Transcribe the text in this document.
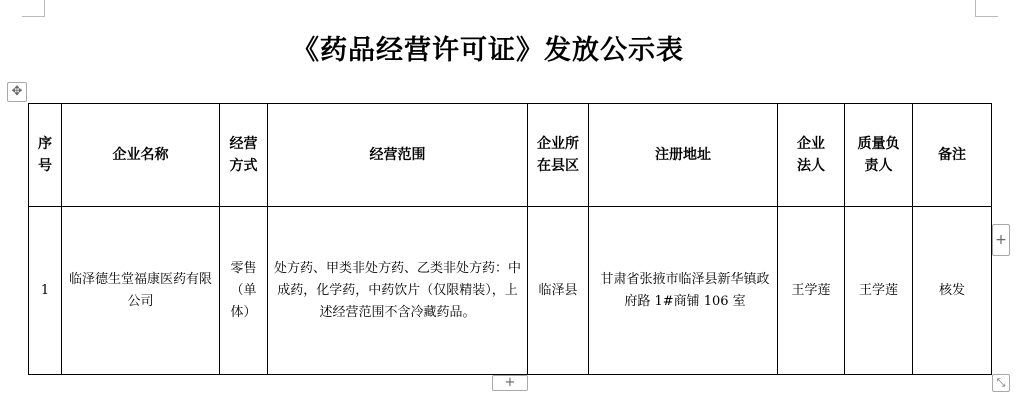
《药品经营许可证》发放公示表
✥
序号	企业名称	经营方式	经营范围	企业所在县区	注册地址	企业法人	质量负责人	备注
1	临泽德生堂福康医药有限公司	零售（单体）	处方药、甲类非处方药、乙类非处方药：中成药，化学药，中药饮片（仅限精装），上述经营范围不含冷藏药品。	临泽县	甘肃省张掖市临泽县新华镇政府路 1#商铺 106 室	王学莲	王学莲	核发
+
+	⤡
